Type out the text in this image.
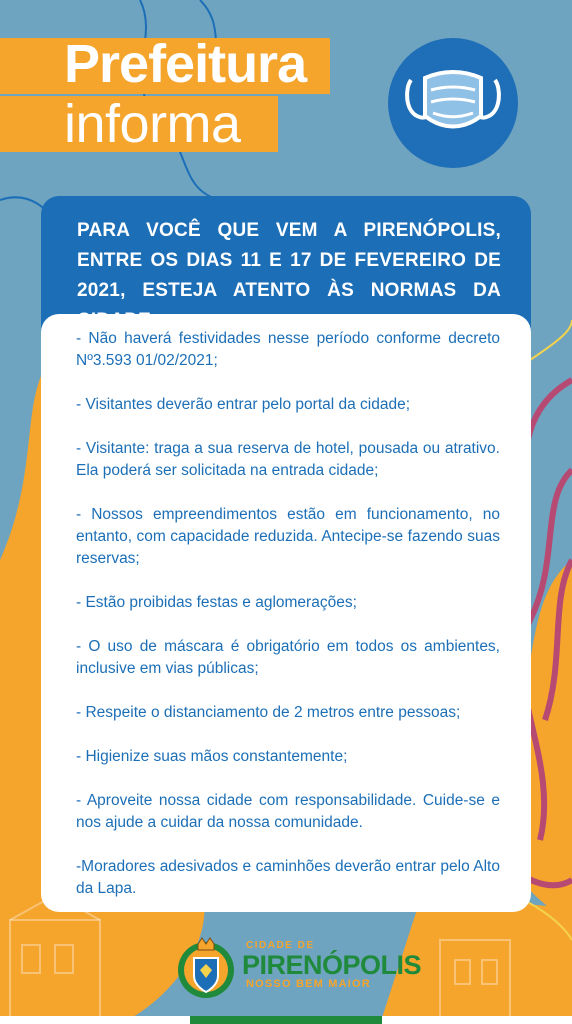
Prefeitura
informa
PARA VOCÊ QUE VEM A PIRENÓPOLIS, ENTRE OS DIAS 11 E 17 DE FEVEREIRO DE 2021, ESTEJA ATENTO ÀS NORMAS DA
- Não haverá festividades nesse período conforme decreto Nº3.593 01/02/2021;
- Visitantes deverão entrar pelo portal da cidade;
- Visitante: traga a sua reserva de hotel, pousada ou atrativo. Ela poderá ser solicitada na entrada cidade;
- Nossos empreendimentos estão em funcionamento, no entanto, com capacidade reduzida. Antecipe-se fazendo suas reservas;
- Estão proibidas festas e aglomerações;
- O uso de máscara é obrigatório em todos os ambientes, inclusive em vias públicas;
- Respeite o distanciamento de 2 metros entre pessoas;
- Higienize suas mãos constantemente;
- Aproveite nossa cidade com responsabilidade. Cuide-se e nos ajude a cuidar da nossa comunidade.
-Moradores adesivados e caminhões deverão entrar pelo Alto da Lapa.
CIDADE DE
PIRENÓPOLIS
NOSSO BEM MAIOR
